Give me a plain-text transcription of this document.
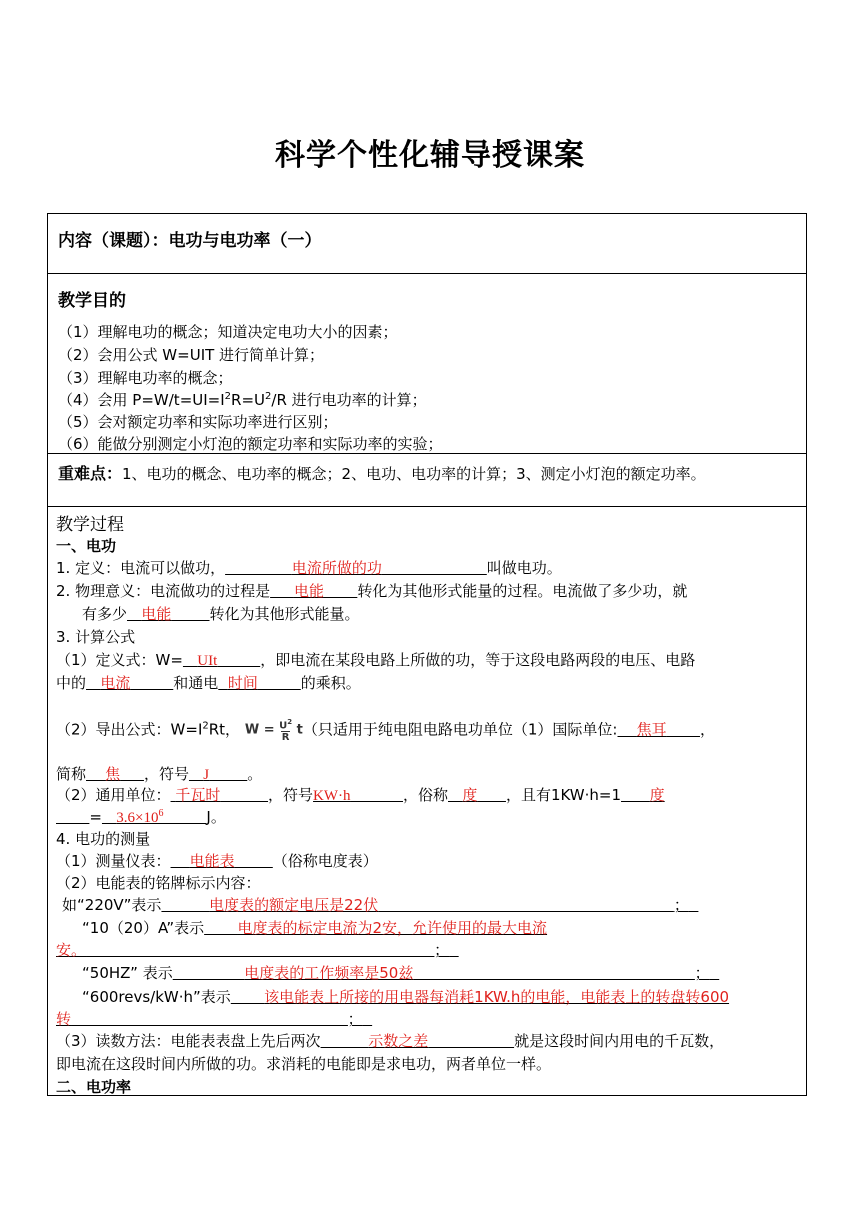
科学个性化辅导授课案
内容（课题）：电功与电功率（一）
教学目的
（1）理解电功的概念；知道决定电功大小的因素；
（2）会用公式 W=UIT 进行简单计算；
（3）理解电功率的概念；
（4）会用 $P=W/t=UI=I^2R=U^2/R$ 进行电功率的计算；
（5）会对额定功率和实际功率进行区别；
（6）能做分别测定小灯泡的额定功率和实际功率的实验；
重难点：1、电功的概念、电功率的概念；2、电功、电功率的计算；3、测定小灯泡的额定功率。
教学过程
一、电功
1. 定义：电流可以做功，	电流所做的功	叫做电功。
2. 物理意义：电流做功的过程是 电能 转化为其他形式能量的过程。电流做了多少功，就
有多少 电能	转化为其他形式能量。
3. 计算公式
（1）定义式：W= UIt	，即电流在某段电路上所做的功，等于这段电路两段的电压、电路
中的 电流	和通电 时间	的乘积。
（2）导出公式：$W=I^2Rt$， $W = U^2$
R t（只适用于纯电阻电路电功单位（1）国际单位: 焦耳 ，
简称 焦 ，符号 J	。
（2）通用单位： 千瓦时	，符号KW·h	，俗称 度 ，且有1KW·h=1 度
= $3.6\times 10^6$	J。
4. 电功的测量
（1）测量仪表： 电能表	（俗称电度表）
（2）电能表的铭牌标示内容：
如“220V”表示	电度表的额定电压是22伏	；
“10（20）A”表示 电度表的标定电流为2安，允许使用的最大电流
安。	；
“50HZ” 表示	电度表的工作频率是50兹	；
“600revs/kW·h”表示 该电能表上所接的用电器每消耗1KW.h的电能，电能表上的转盘转600
转	；
（3）读数方法：电能表表盘上先后两次	示数之差	就是这段时间内用电的千瓦数，
即电流在这段时间内所做的功。求消耗的电能即是求电功，两者单位一样。
二、电功率
